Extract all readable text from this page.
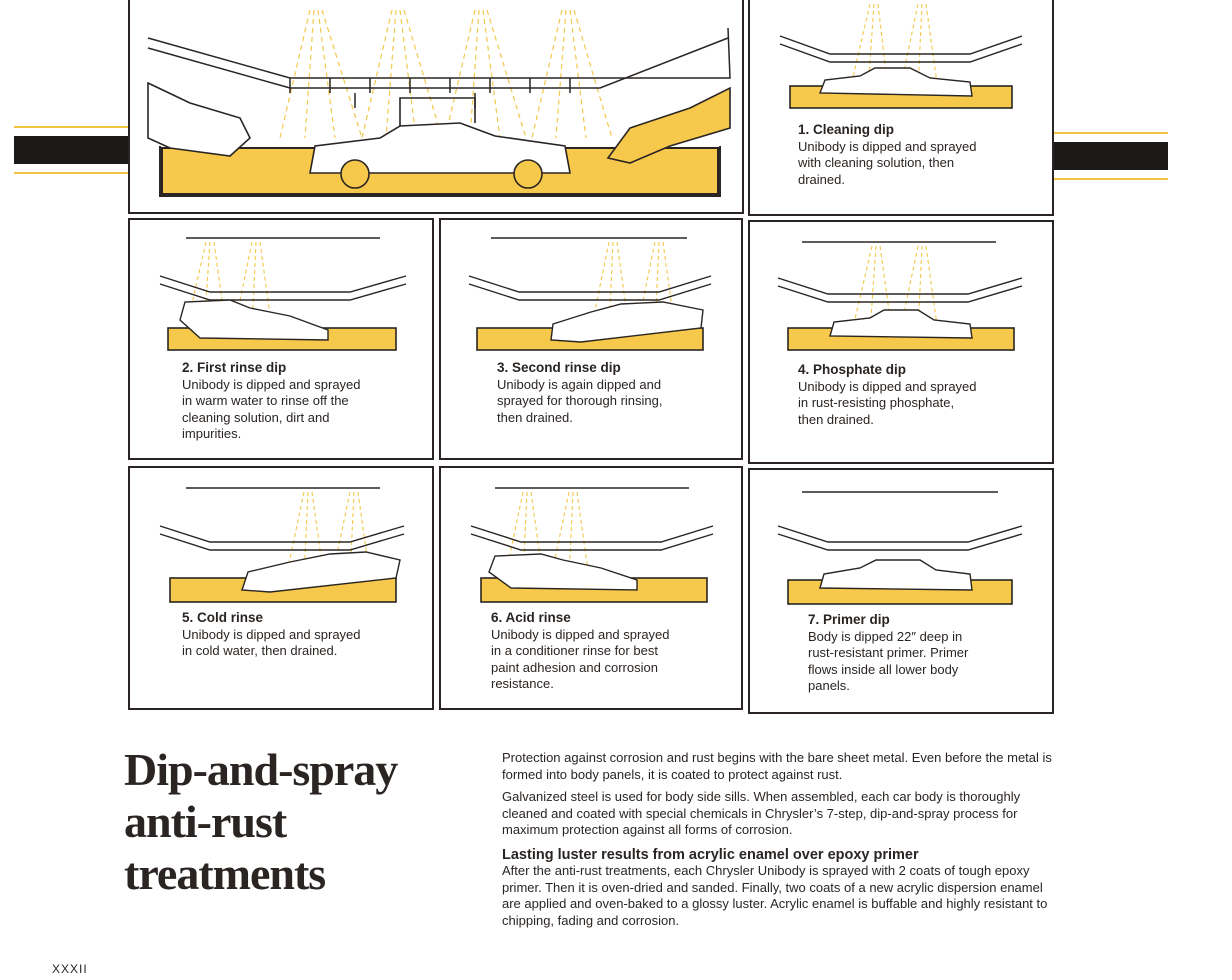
1. Cleaning dip
Unibody is dipped and sprayed
with cleaning solution, then
drained.
2. First rinse dip
Unibody is dipped and sprayed
in warm water to rinse off the
cleaning solution, dirt and
impurities.
3. Second rinse dip
Unibody is again dipped and
sprayed for thorough rinsing,
then drained.
4. Phosphate dip
Unibody is dipped and sprayed
in rust-resisting phosphate,
then drained.
5. Cold rinse
Unibody is dipped and sprayed
in cold water, then drained.
6. Acid rinse
Unibody is dipped and sprayed
in a conditioner rinse for best
paint adhesion and corrosion
resistance.
7. Primer dip
Body is dipped 22″ deep in
rust-resistant primer. Primer
flows inside all lower body
panels.
Dip-and-spray
anti-rust
treatments

Protection against corrosion and rust begins with the bare sheet metal. Even before the metal is formed into body panels, it is coated to protect against rust.

Galvanized steel is used for body side sills. When assembled, each car body is thoroughly cleaned and coated with special chemicals in Chrysler’s 7-step, dip-and-spray process for maximum protection against all forms of corrosion.

Lasting luster results from acrylic enamel over epoxy primer

After the anti-rust treatments, each Chrysler Unibody is sprayed with 2 coats of tough epoxy primer. Then it is oven-dried and sanded. Finally, two coats of a new acrylic dispersion enamel are applied and oven-baked to a glossy luster. Acrylic enamel is buffable and highly resistant to chipping, fading and corrosion.

XXXII
